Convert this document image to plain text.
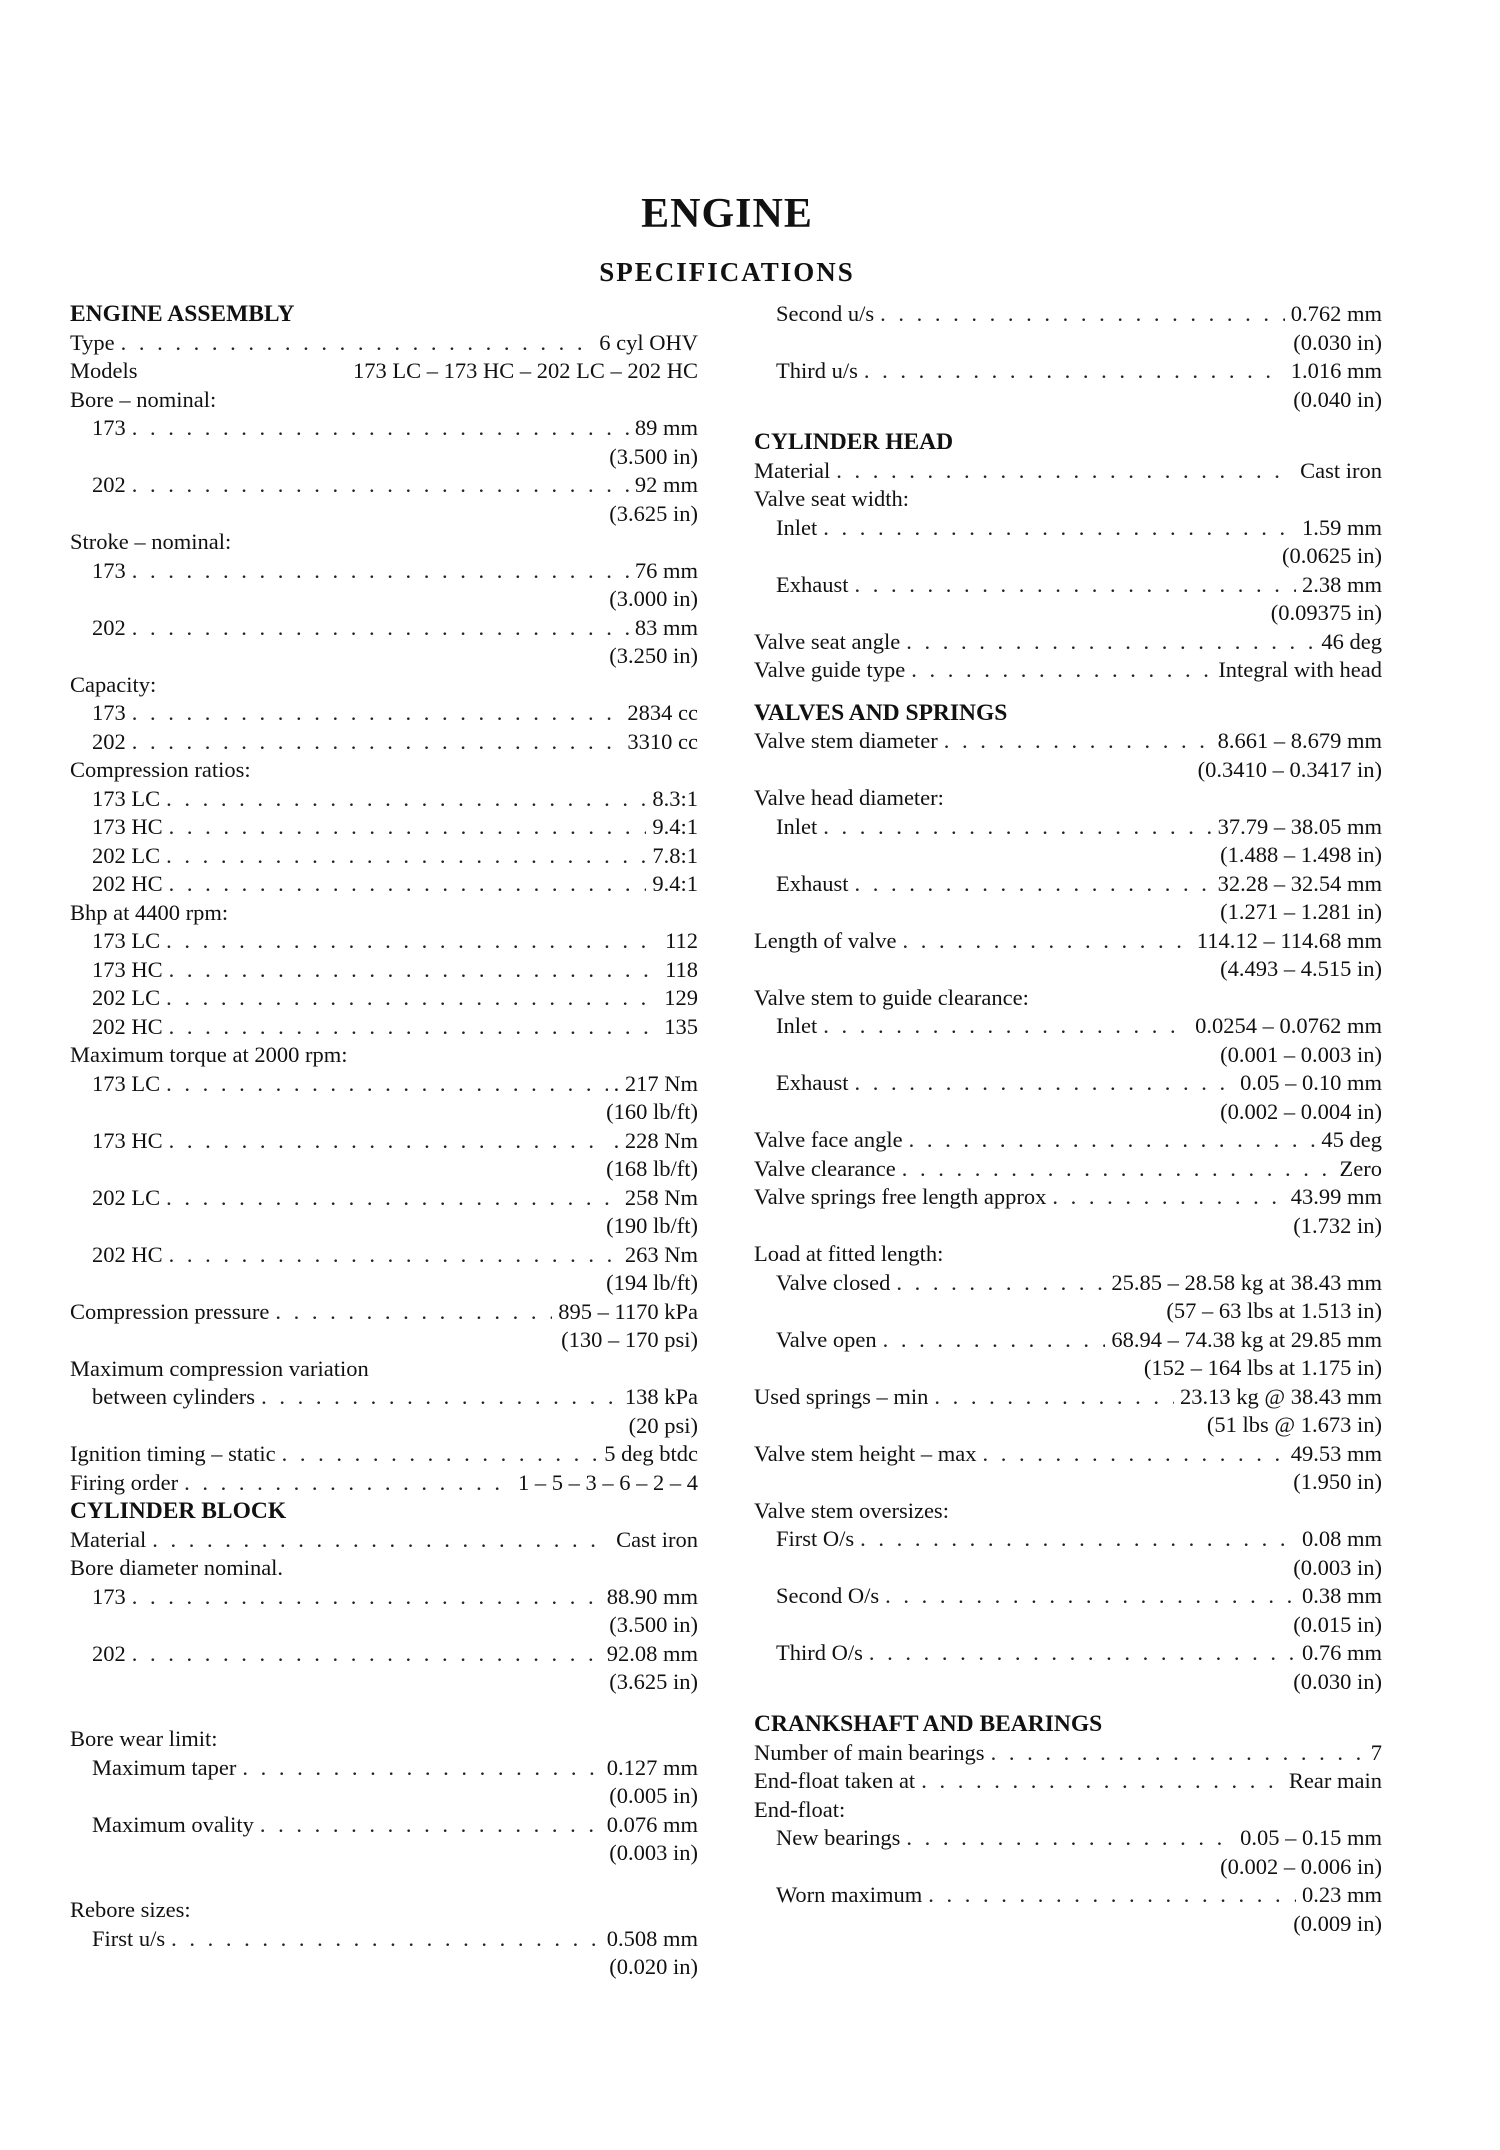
ENGINE
SPECIFICATIONS
ENGINE ASSEMBLY
Type . . .	6 cyl OHV
Models	173 LC – 173 HC – 202 LC – 202 HC
Bore – nominal:
173 . . .	89 mm
(3.500 in)
202 . . .	92 mm
(3.625 in)
Stroke – nominal:
173 . . .	76 mm
(3.000 in)
202 . . .	83 mm
(3.250 in)
Capacity:
173 . . .	2834 cc
202 . . .	3310 cc
Compression ratios:
173 LC . . .	8.3:1
173 HC . . .	9.4:1
202 LC . . .	7.8:1
202 HC . . .	9.4:1
Bhp at 4400 rpm:
173 LC . . .	112
173 HC . . .	118
202 LC . . .	129
202 HC . . .	135
Maximum torque at 2000 rpm:
173 LC . . .	. 217 Nm
(160 lb/ft)
173 HC . . .	. 228 Nm
(168 lb/ft)
202 LC . . .	258 Nm
(190 lb/ft)
202 HC . . .	263 Nm
(194 lb/ft)
Compression pressure . . .	895 – 1170 kPa
(130 – 170 psi)
Maximum compression variation
between cylinders . . .	138 kPa
(20 psi)
Ignition timing – static . . .	5 deg btdc
Firing order . . .	1 – 5 – 3 – 6 – 2 – 4
CYLINDER BLOCK
Material . . .	Cast iron
Bore diameter nominal.
173 . . .	88.90 mm
(3.500 in)
202 . . .	92.08 mm
(3.625 in)
Bore wear limit:
Maximum taper . . .	0.127 mm
(0.005 in)
Maximum ovality . . .	0.076 mm
(0.003 in)
Rebore sizes:
First u/s . . .	0.508 mm
(0.020 in)
Second u/s . . .	0.762 mm
(0.030 in)
Third u/s . . .	1.016 mm
(0.040 in)
CYLINDER HEAD
Material . . .	Cast iron
Valve seat width:
Inlet . . .	1.59 mm
(0.0625 in)
Exhaust . . .	2.38 mm
(0.09375 in)
Valve seat angle . . .	46 deg
Valve guide type . . .	Integral with head
VALVES AND SPRINGS
Valve stem diameter . . .	8.661 – 8.679 mm
(0.3410 – 0.3417 in)
Valve head diameter:
Inlet . . .	37.79 – 38.05 mm
(1.488 – 1.498 in)
Exhaust . . .	32.28 – 32.54 mm
(1.271 – 1.281 in)
Length of valve . . .	114.12 – 114.68 mm
(4.493 – 4.515 in)
Valve stem to guide clearance:
Inlet . . .	0.0254 – 0.0762 mm
(0.001 – 0.003 in)
Exhaust . . .	0.05 – 0.10 mm
(0.002 – 0.004 in)
Valve face angle . . .	45 deg
Valve clearance . . .	Zero
Valve springs free length approx . . .	43.99 mm
(1.732 in)
Load at fitted length:
Valve closed . . .	25.85 – 28.58 kg at 38.43 mm
(57 – 63 lbs at 1.513 in)
Valve open . . .	68.94 – 74.38 kg at 29.85 mm
(152 – 164 lbs at 1.175 in)
Used springs – min . . .	23.13 kg @ 38.43 mm
(51 lbs @ 1.673 in)
Valve stem height – max . . .	49.53 mm
(1.950 in)
Valve stem oversizes:
First O/s . . .	0.08 mm
(0.003 in)
Second O/s . . .	0.38 mm
(0.015 in)
Third O/s . . .	0.76 mm
(0.030 in)
CRANKSHAFT AND BEARINGS
Number of main bearings . . .	7
End-float taken at . . .	Rear main
End-float:
New bearings . . .	0.05 – 0.15 mm
(0.002 – 0.006 in)
Worn maximum . . .	0.23 mm
(0.009 in)
